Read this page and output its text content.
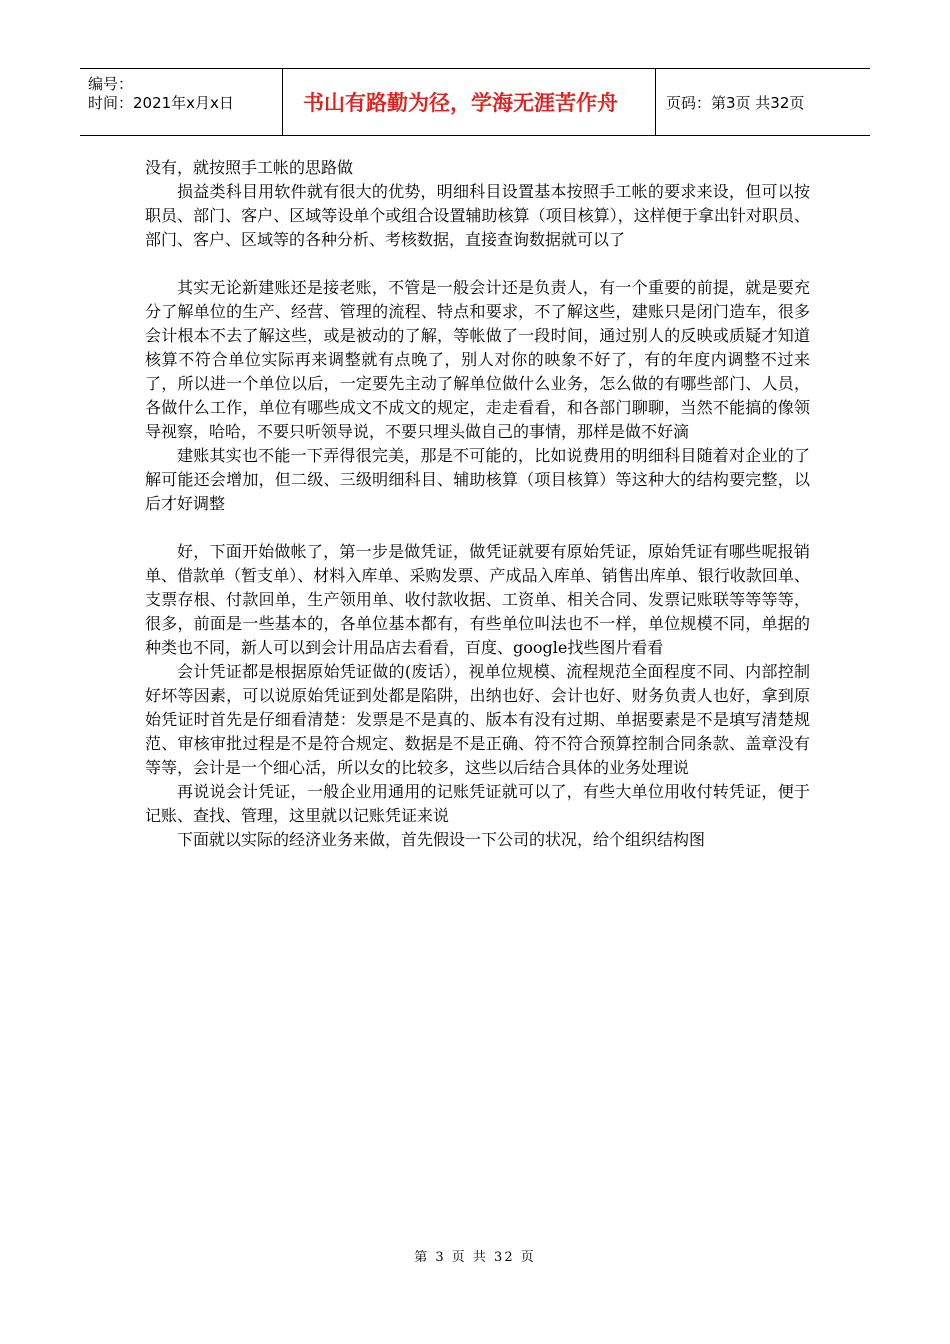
编号：
时间：2021年x月x日	书山有路勤为径，学海无涯苦作舟	页码：第3页 共32页

没有，就按照手工帐的思路做

损益类科目用软件就有很大的优势，明细科目设置基本按照手工帐的要求来设，但可以按职员、部门、客户、区域等设单个或组合设置辅助核算（项目核算），这样便于拿出针对职员、部门、客户、区域等的各种分析、考核数据，直接查询数据就可以了

其实无论新建账还是接老账，不管是一般会计还是负责人，有一个重要的前提，就是要充分了解单位的生产、经营、管理的流程、特点和要求，不了解这些，建账只是闭门造车，很多会计根本不去了解这些，或是被动的了解，等帐做了一段时间，通过别人的反映或质疑才知道核算不符合单位实际再来调整就有点晚了，别人对你的映象不好了，有的年度内调整不过来了，所以进一个单位以后，一定要先主动了解单位做什么业务，怎么做的有哪些部门、人员，各做什么工作，单位有哪些成文不成文的规定，走走看看，和各部门聊聊，当然不能搞的像领导视察，哈哈，不要只听领导说，不要只埋头做自己的事情，那样是做不好滴

建账其实也不能一下弄得很完美，那是不可能的，比如说费用的明细科目随着对企业的了解可能还会增加，但二级、三级明细科目、辅助核算（项目核算）等这种大的结构要完整，以后才好调整

好，下面开始做帐了，第一步是做凭证，做凭证就要有原始凭证，原始凭证有哪些呢报销单、借款单（暂支单）、材料入库单、采购发票、产成品入库单、销售出库单、银行收款回单、支票存根、付款回单，生产领用单、收付款收据、工资单、相关合同、发票记账联等等等等，很多，前面是一些基本的，各单位基本都有，有些单位叫法也不一样，单位规模不同，单据的种类也不同，新人可以到会计用品店去看看，百度、google找些图片看看

会计凭证都是根据原始凭证做的(废话），视单位规模、流程规范全面程度不同、内部控制好坏等因素，可以说原始凭证到处都是陷阱，出纳也好、会计也好、财务负责人也好，拿到原始凭证时首先是仔细看清楚：发票是不是真的、版本有没有过期、单据要素是不是填写清楚规范、审核审批过程是不是符合规定、数据是不是正确、符不符合预算控制合同条款、盖章没有等等，会计是一个细心活，所以女的比较多，这些以后结合具体的业务处理说

再说说会计凭证，一般企业用通用的记账凭证就可以了，有些大单位用收付转凭证，便于记账、查找、管理，这里就以记账凭证来说

下面就以实际的经济业务来做，首先假设一下公司的状况，给个组织结构图

第 3 页 共 32 页
